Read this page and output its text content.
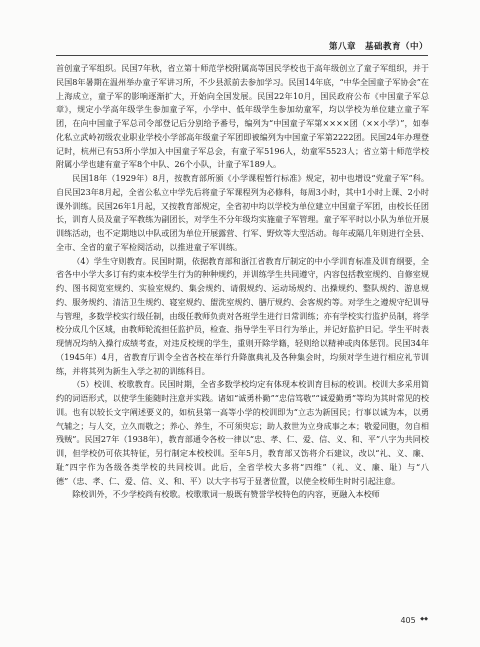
第八章　基础教育（中）

首创童子军组织。民国7年秋，省立第十师范学校附属高等国民学校也于高年级创立了童子军组织，并于民国8年暑期在温州举办童子军讲习所，不少县派前去参加学习。民国14年底，“中华全国童子军协会”在上海成立，童子军的影响逐渐扩大，开始向全国发展。民国22年10月，国民政府公布《中国童子军总章》，规定小学高年级学生参加童子军，小学中、低年级学生参加幼童军，均以学校为单位建立童子军团，在向中国童子军总司令部登记后分别给予番号，编列为“中国童子军第××××团（××小学）”，如奉化私立武岭初级农业职业学校小学部高年级童子军团即被编列为中国童子军第2222团。民国24年办理登记时，杭州已有53所小学加入中国童子军总会，有童子军5196人，幼童军5523人；省立第十师范学校附属小学也建有童子军8个中队、26个小队，计童子军189人。

民国18年（1929年）8月，按教育部所颁《小学课程暂行标准》规定，初中也增设“党童子军”科。自民国23年8月起，全省公私立中学先后将童子军课程列为必修科，每周3小时，其中1小时上课、2小时课外训练。民国26年1月起，又按教育部规定，全省初中均以学校为单位建立中国童子军团，由校长任团长，训育人员及童子军教练为副团长，对学生不分年级均实施童子军管理。童子军平时以小队为单位开展训练活动，也不定期地以中队或团为单位开展露营、行军、野炊等大型活动。每年或隔几年则进行全县、全市、全省的童子军检阅活动，以推进童子军训练。

（4）学生守则教育。民国时期，依据教育部和浙江省教育厅制定的中小学训育标准及训育纲要，全省各中小学大多订有约束本校学生行为的种种规约，并训练学生共同遵守，内容包括教室规约、自修室规约、图书阅览室规约、实验室规约、集会规约、请假规约、运动场规约、出操规约、整队规约、游息规约、服务规约、清洁卫生规约、寝室规约、盥洗室规约、膳厅规约、会客规约等。对学生之遵规守纪训导与管理，多数学校实行级任制，由级任教师负责对各班学生进行日常训练；亦有学校实行监护员制，将学校分成几个区域，由教师轮流担任监护员，检查、指导学生平日行为举止，并记好监护日记。学生平时表现情况均纳入操行成绩考查，对违反校规的学生，重则开除学籍，轻则给以精神或肉体惩罚。民国34年（1945年）4月，省教育厅训令全省各校在举行升降旗典礼及各种集会时，均须对学生进行相应礼节训练，并将其列为新生入学之初的训练科目。

（5）校训、校歌教育。民国时期，全省多数学校均定有体现本校训育目标的校训。校训大多采用简约的词语形式，以使学生能随时注意并实践。诸如“诚勇朴勤”“忠信笃敬”“诚爱勤勇”等均为其时常见的校训。也有以较长文字阐述要义的，如杭县第一高等小学的校训即为“立志为新国民；行事以诚为本，以勇气辅之；与人交，立久而敬之；养心、养生，不可须臾忘；助人救世为立身成事之本；敬爱同胞，勿自相残贼”。民国27年（1938年），教育部通令各校一律以“忠、孝、仁、爱、信、义、和、平”八字为共同校训，但学校仍可依其特征，另行制定本校校训。至年5月，教育部又饬将介石建议，改以“礼、义、廉、耻”四字作为各级各类学校的共同校训。此后，全省学校大多将“四维”（礼、义、廉、耻）与“八德”（忠、孝、仁、爱、信、义、和、平）以大字书写于显著位置，以使全校师生时时引起注意。

除校训外，不少学校尚有校歌。校歌歌词一般既有赞誉学校特色的内容，更融入本校师

405 ◆◆
